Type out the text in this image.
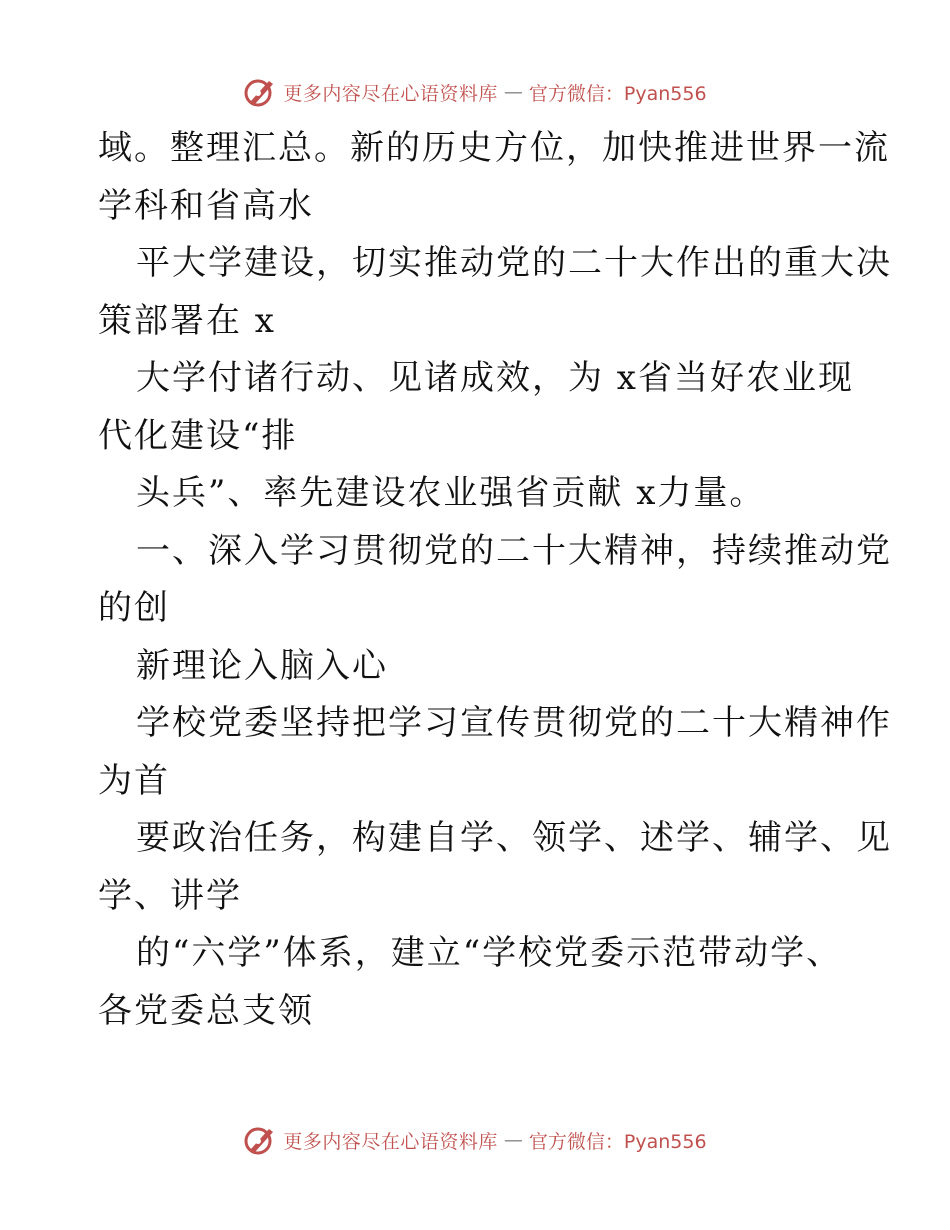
更多内容尽在心语资料库 — 官方微信：Pyan556
域。整理汇总。新的历史方位，加快推进世界一流
学科和省高水
平大学建设，切实推动党的二十大作出的重大决
策部署在 x
大学付诸行动、见诸成效，为 x省当好农业现
代化建设“排
头兵”、率先建设农业强省贡献 x力量。
一、深入学习贯彻党的二十大精神，持续推动党
的创
新理论入脑入心
学校党委坚持把学习宣传贯彻党的二十大精神作
为首
要政治任务，构建自学、领学、述学、辅学、见
学、讲学
的“六学”体系，建立“学校党委示范带动学、
各党委总支领
更多内容尽在心语资料库 — 官方微信：Pyan556
